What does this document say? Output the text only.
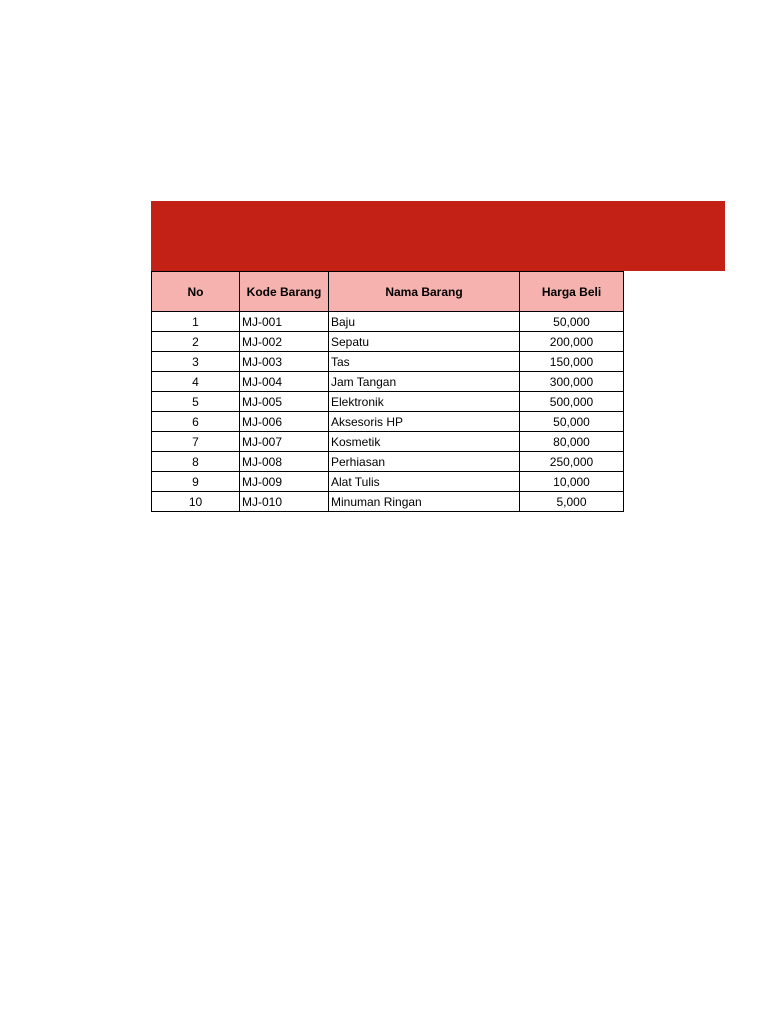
No	Kode Barang	Nama Barang	Harga Beli
1	MJ-001	Baju	50,000
2	MJ-002	Sepatu	200,000
3	MJ-003	Tas	150,000
4	MJ-004	Jam Tangan	300,000
5	MJ-005	Elektronik	500,000
6	MJ-006	Aksesoris HP	50,000
7	MJ-007	Kosmetik	80,000
8	MJ-008	Perhiasan	250,000
9	MJ-009	Alat Tulis	10,000
10	MJ-010	Minuman Ringan	5,000
